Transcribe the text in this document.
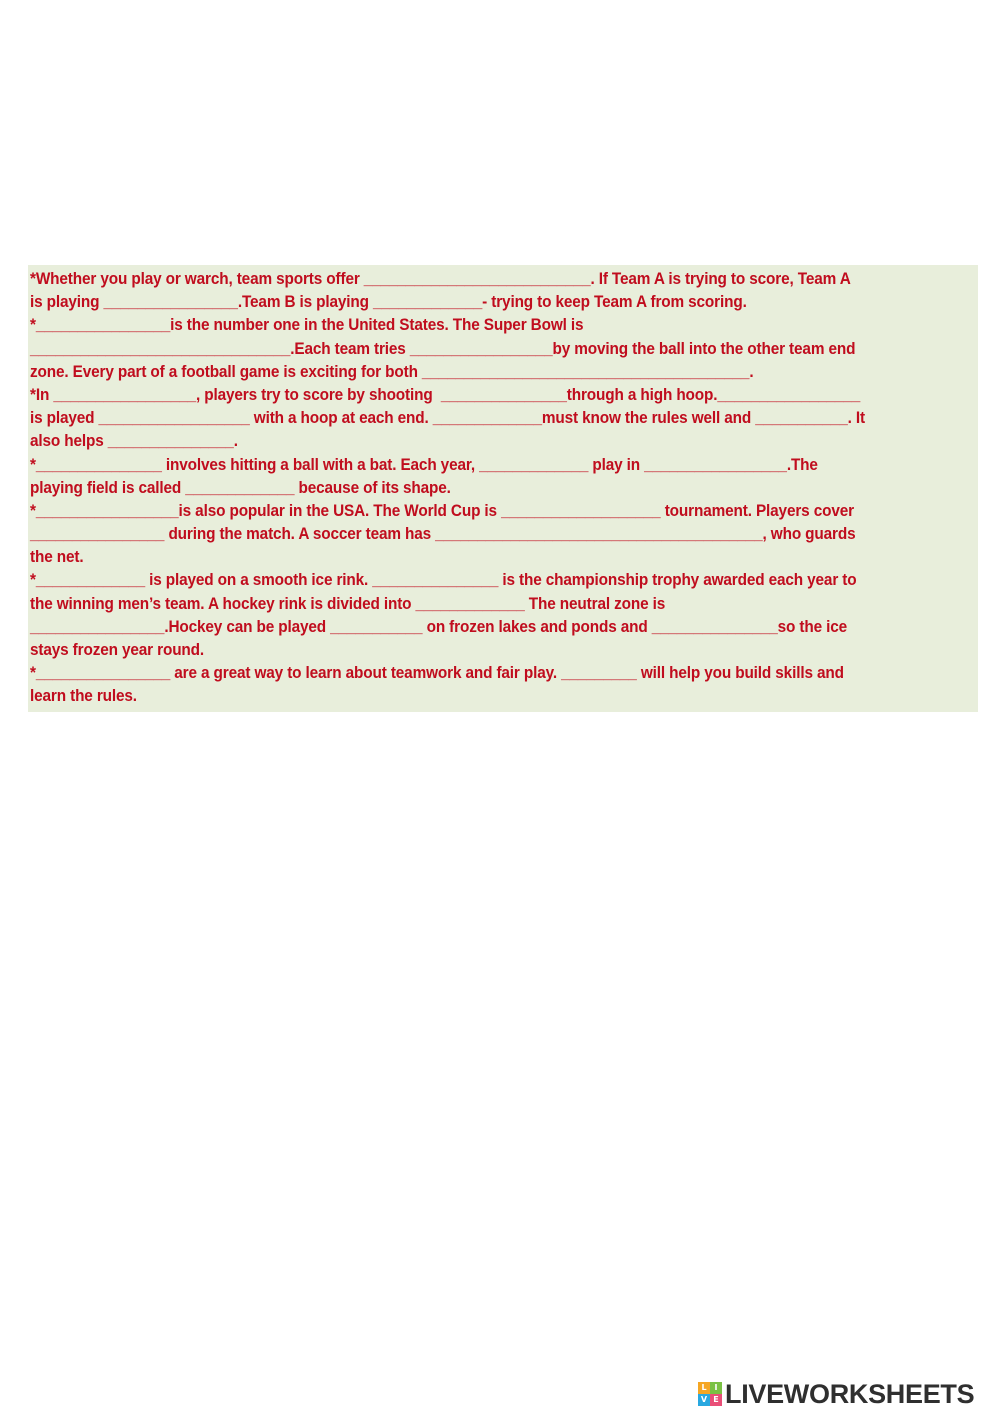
*Whether you play or warch, team sports offer ___________________________. If Team A is trying to score, Team A
is playing ________________.Team B is playing _____________- trying to keep Team A from scoring.
*________________is the number one in the United States. The Super Bowl is
_______________________________.Each team tries _________________by moving the ball into the other team end
zone. Every part of a football game is exciting for both _______________________________________.
*In _________________, players try to score by shooting  _______________through a high hoop._________________
is played __________________ with a hoop at each end. _____________must know the rules well and ___________. It
also helps _______________.
*_______________ involves hitting a ball with a bat. Each year, _____________ play in _________________.The
playing field is called _____________ because of its shape.
*_________________is also popular in the USA. The World Cup is ___________________ tournament. Players cover
________________ during the match. A soccer team has _______________________________________, who guards
the net.
*_____________ is played on a smooth ice rink. _______________ is the championship trophy awarded each year to
the winning men’s team. A hockey rink is divided into _____________ The neutral zone is
________________.Hockey can be played ___________ on frozen lakes and ponds and _______________so the ice
stays frozen year round.
*________________ are a great way to learn about teamwork and fair play. _________ will help you build skills and
learn the rules.
L I
V E LIVEWORKSHEETS
